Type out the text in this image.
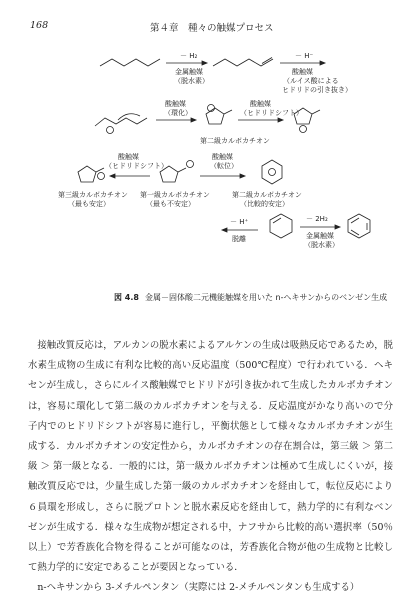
168	第４章　種々の触媒プロセス
－ H₂
金属触媒
（脱水素）
－ H⁻
酸触媒
（ルイス酸による
ヒドリドの引き抜き）
酸触媒
（環化）
酸触媒
（ヒドリドシフト）
第二級カルボカチオン
酸触媒
（ヒドリドシフト）
酸触媒
（転位）
第三級カルボカチオン
（最も安定）
第一級カルボカチオン
（最も不安定）
第二級カルボカチオン
（比較的安定）
－ H⁺
脱離
－ 2H₂
金属触媒
（脱水素）
図 4.8 金属－固体酸二元機能触媒を用いた n-ヘキサンからのベンゼン生成

接触改質反応は，アルカンの脱水素によるアルケンの生成は吸熱反応であるため，脱水素生成物の生成に有利な比較的高い反応温度（500℃程度）で行われている．ヘキセンが生成し，さらにルイス酸触媒でヒドリドが引き抜かれて生成したカルボカチオンは，容易に環化して第二級のカルボカチオンを与える．反応温度がかなり高いので分子内でのヒドリドシフトが容易に進行し，平衡状態として様々なカルボカチオンが生成する．カルボカチオンの安定性から，カルボカチオンの存在割合は，第三級 ＞ 第二級 ＞ 第一級となる．一般的には，第一級カルボカチオンは極めて生成しにくいが，接触改質反応では，少量生成した第一級のカルボカチオンを経由して，転位反応により６員環を形成し，さらに脱プロトンと脱水素反応を経由して，熱力学的に有利なベンゼンが生成する．様々な生成物が想定される中，ナフサから比較的高い選択率（50％以上）で芳香族化合物を得ることが可能なのは，芳香族化合物が他の生成物と比較して熱力学的に安定であることが要因となっている．

n-ヘキサンから 3-メチルペンタン（実際には 2-メチルペンタンも生成する）
